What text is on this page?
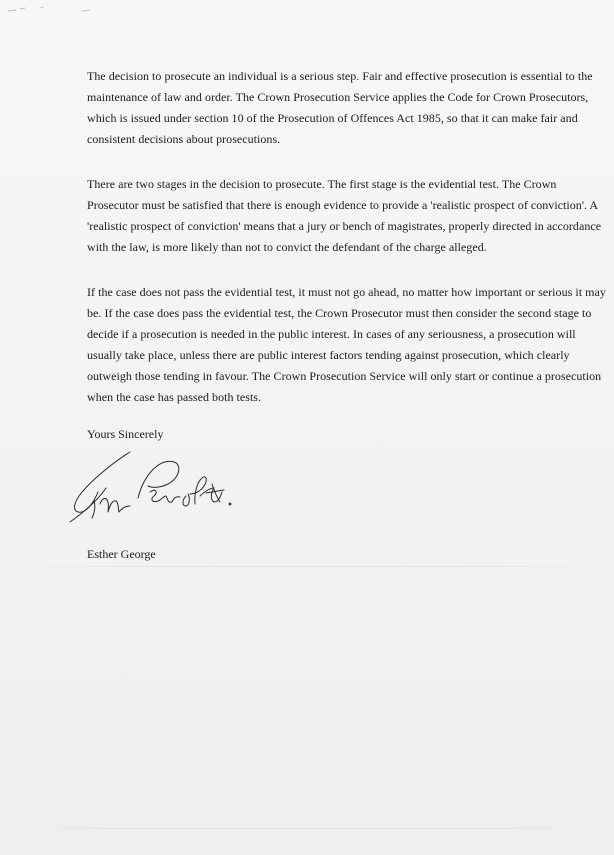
The decision to prosecute an individual is a serious step. Fair and effective prosecution is essential to the
maintenance of law and order. The Crown Prosecution Service applies the Code for Crown Prosecutors,
which is issued under section 10 of the Prosecution of Offences Act 1985, so that it can make fair and
consistent decisions about prosecutions.

There are two stages in the decision to prosecute. The first stage is the evidential test. The Crown
Prosecutor must be satisfied that there is enough evidence to provide a 'realistic prospect of conviction'. A
'realistic prospect of conviction' means that a jury or bench of magistrates, properly directed in accordance
with the law, is more likely than not to convict the defendant of the charge alleged.

If the case does not pass the evidential test, it must not go ahead, no matter how important or serious it may
be. If the case does pass the evidential test, the Crown Prosecutor must then consider the second stage to
decide if a prosecution is needed in the public interest. In cases of any seriousness, a prosecution will
usually take place, unless there are public interest factors tending against prosecution, which clearly
outweigh those tending in favour. The Crown Prosecution Service will only start or continue a prosecution
when the case has passed both tests.

Yours Sincerely

Esther George
